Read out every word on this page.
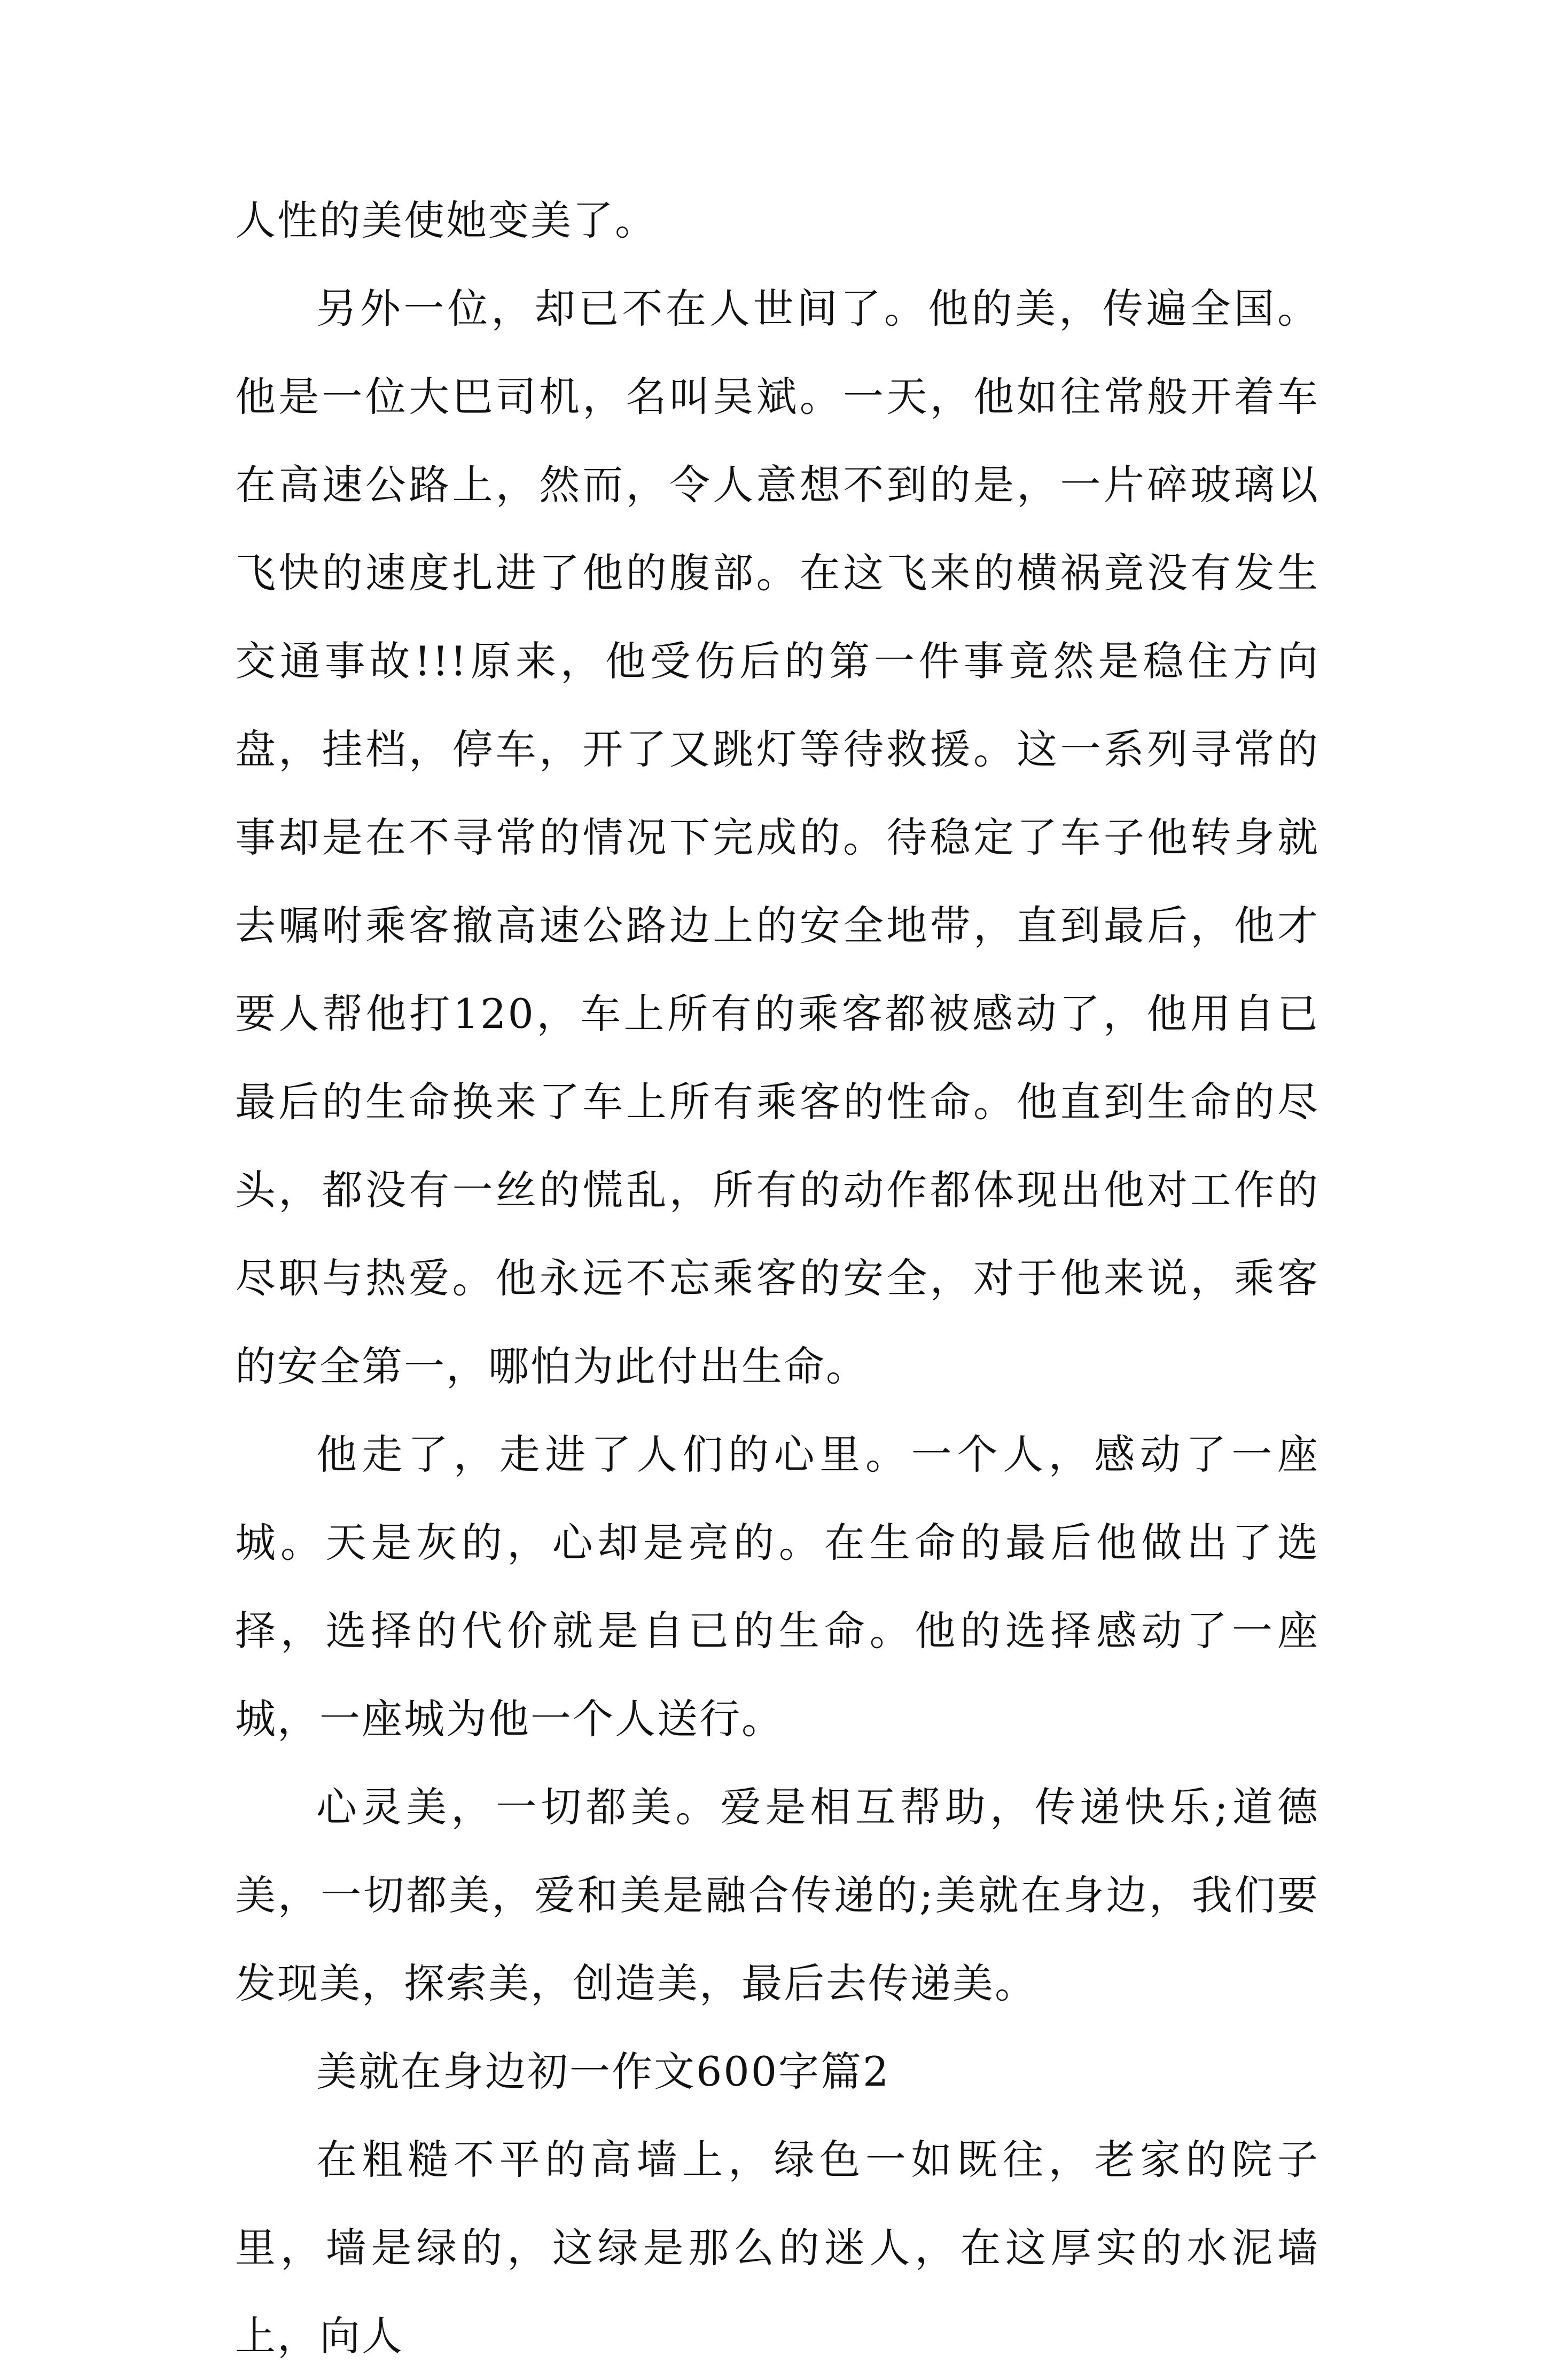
人性的美使她变美了。

另外一位，却已不在人世间了。他的美，传遍全国。他是一位大巴司机，名叫吴斌。一天，他如往常般开着车在高速公路上，然而，令人意想不到的是，一片碎玻璃以飞快的速度扎进了他的腹部。在这飞来的横祸竟没有发生交通事故!!!原来，他受伤后的第一件事竟然是稳住方向盘，挂档，停车，开了又跳灯等待救援。这一系列寻常的事却是在不寻常的情况下完成的。待稳定了车子他转身就去嘱咐乘客撤高速公路边上的安全地带，直到最后，他才要人帮他打120，车上所有的乘客都被感动了，他用自已最后的生命换来了车上所有乘客的性命。他直到生命的尽头，都没有一丝的慌乱，所有的动作都体现出他对工作的尽职与热爱。他永远不忘乘客的安全，对于他来说，乘客的安全第一，哪怕为此付出生命。

他走了，走进了人们的心里。一个人，感动了一座城。天是灰的，心却是亮的。在生命的最后他做出了选择，选择的代价就是自已的生命。他的选择感动了一座城，一座城为他一个人送行。

心灵美，一切都美。爱是相互帮助，传递快乐;道德美，一切都美，爱和美是融合传递的;美就在身边，我们要发现美，探索美，创造美，最后去传递美。

美就在身边初一作文600字篇2

在粗糙不平的高墙上，绿色一如既往，老家的院子里，墙是绿的，这绿是那么的迷人，在这厚实的水泥墙上，向人
